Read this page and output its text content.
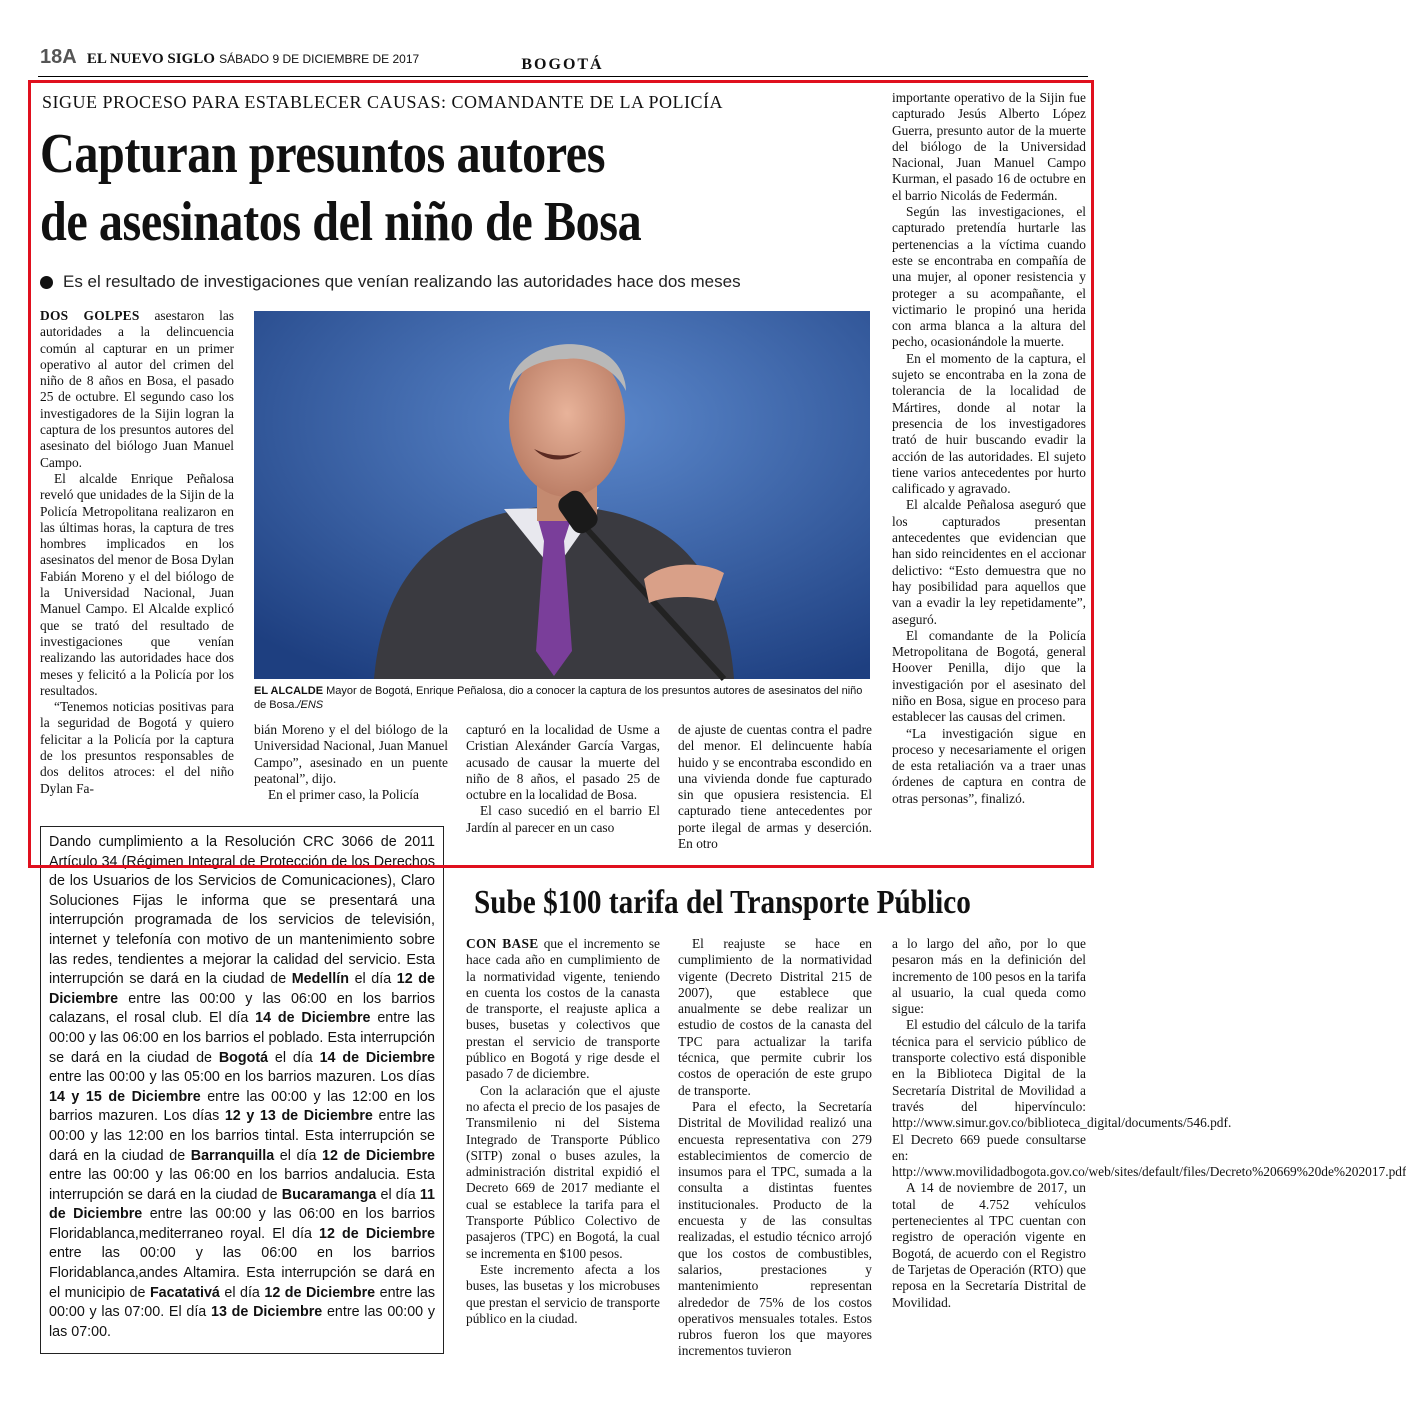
18A EL NUEVO SIGLO SÁBADO 9 DE DICIEMBRE DE 2017	BOGOTÁ
SIGUE PROCESO PARA ESTABLECER CAUSAS: COMANDANTE DE LA POLICÍA
Capturan presuntos autores
de asesinatos del niño de Bosa
Es el resultado de investigaciones que venían realizando las autoridades hace dos meses

DOS GOLPES asestaron las autoridades a la delincuencia común al capturar en un primer operativo al autor del crimen del niño de 8 años en Bosa, el pasado 25 de octubre. El segundo caso los investigadores de la Sijin logran la captura de los presuntos autores del asesinato del biólogo Juan Manuel Campo.

El alcalde Enrique Peñalosa reveló que unidades de la Sijin de la Policía Metropolitana realizaron en las últimas horas, la captura de tres hombres implicados en los asesinatos del menor de Bosa Dylan Fabián Moreno y el del biólogo de la Universidad Nacional, Juan Manuel Campo. El Alcalde explicó que se trató del resultado de investigaciones que venían realizando las autoridades hace dos meses y felicitó a la Policía por los resultados.

“Tenemos noticias positivas para la seguridad de Bogotá y quiero felicitar a la Policía por la captura de los presuntos responsables de dos delitos atroces: el del niño Dylan Fa-

EL ALCALDE Mayor de Bogotá, Enrique Peñalosa, dio a conocer la captura de los presuntos autores de asesinatos del niño de Bosa./ENS

bián Moreno y el del biólogo de la Universidad Nacional, Juan Manuel Campo”, asesinado en un puente peatonal”, dijo.

En el primer caso, la Policía

capturó en la localidad de Usme a Cristian Alexánder García Vargas, acusado de causar la muerte del niño de 8 años, el pasado 25 de octubre en la localidad de Bosa.

El caso sucedió en el barrio El Jardín al parecer en un caso

de ajuste de cuentas contra el padre del menor. El delincuente había huido y se encontraba escondido en una vivienda donde fue capturado sin que opusiera resistencia. El capturado tiene antecedentes por porte ilegal de armas y deserción. En otro

importante operativo de la Sijin fue capturado Jesús Alberto López Guerra, presunto autor de la muerte del biólogo de la Universidad Nacional, Juan Manuel Campo Kurman, el pasado 16 de octubre en el barrio Nicolás de Federmán.

Según las investigaciones, el capturado pretendía hurtarle las pertenencias a la víctima cuando este se encontraba en compañía de una mujer, al oponer resistencia y proteger a su acompañante, el victimario le propinó una herida con arma blanca a la altura del pecho, ocasionándole la muerte.

En el momento de la captura, el sujeto se encontraba en la zona de tolerancia de la localidad de Mártires, donde al notar la presencia de los investigadores trató de huir buscando evadir la acción de las autoridades. El sujeto tiene varios antecedentes por hurto calificado y agravado.

El alcalde Peñalosa aseguró que los capturados presentan antecedentes que evidencian que han sido reincidentes en el accionar delictivo: “Esto demuestra que no hay posibilidad para aquellos que van a evadir la ley repetidamente”, aseguró.

El comandante de la Policía Metropolitana de Bogotá, general Hoover Penilla, dijo que la investigación por el asesinato del niño en Bosa, sigue en proceso para establecer las causas del crimen.

“La investigación sigue en proceso y necesariamente el origen de esta retaliación va a traer unas órdenes de captura en contra de otras personas”, finalizó.

Dando cumplimiento a la Resolución CRC 3066 de 2011 Artículo 34 (Régimen Integral de Protección de los Derechos de los Usuarios de los Servicios de Comunicaciones), Claro Soluciones Fijas le informa que se presentará una interrupción programada de los servicios de televisión, internet y telefonía con motivo de un mantenimiento sobre las redes, tendientes a mejorar la calidad del servicio. Esta interrupción se dará en la ciudad de Medellín el día 12 de Diciembre entre las 00:00 y las 06:00 en los barrios calazans, el rosal club. El día 14 de Diciembre entre las 00:00 y las 06:00 en los barrios el poblado. Esta interrupción se dará en la ciudad de Bogotá el día 14 de Diciembre entre las 00:00 y las 05:00 en los barrios mazuren. Los días 14 y 15 de Diciembre entre las 00:00 y las 12:00 en los barrios mazuren. Los días 12 y 13 de Diciembre entre las 00:00 y las 12:00 en los barrios tintal. Esta interrupción se dará en la ciudad de Barranquilla el día 12 de Diciembre entre las 00:00 y las 06:00 en los barrios andalucia. Esta interrupción se dará en la ciudad de Bucaramanga el día 11 de Diciembre entre las 00:00 y las 06:00 en los barrios Floridablanca,mediterraneo royal. El día 12 de Diciembre entre las 00:00 y las 06:00 en los barrios Floridablanca,andes Altamira. Esta interrupción se dará en el municipio de Facatativá el día 12 de Diciembre entre las 00:00 y las 07:00. El día 13 de Diciembre entre las 00:00 y las 07:00.
Sube $100 tarifa del Transporte Público

CON BASE que el incremento se hace cada año en cumplimiento de la normatividad vigente, teniendo en cuenta los costos de la canasta de transporte, el reajuste aplica a buses, busetas y colectivos que prestan el servicio de transporte público en Bogotá y rige desde el pasado 7 de diciembre.

Con la aclaración que el ajuste no afecta el precio de los pasajes de Transmilenio ni del Sistema Integrado de Transporte Público (SITP) zonal o buses azules, la administración distrital expidió el Decreto 669 de 2017 mediante el cual se establece la tarifa para el Transporte Público Colectivo de pasajeros (TPC) en Bogotá, la cual se incrementa en $100 pesos.

Este incremento afecta a los buses, las busetas y los microbuses que prestan el servicio de transporte público en la ciudad.

El reajuste se hace en cumplimiento de la normatividad vigente (Decreto Distrital 215 de 2007), que establece que anualmente se debe realizar un estudio de costos de la canasta del TPC para actualizar la tarifa técnica, que permite cubrir los costos de operación de este grupo de transporte.

Para el efecto, la Secretaría Distrital de Movilidad realizó una encuesta representativa con 279 establecimientos de comercio de insumos para el TPC, sumada a la consulta a distintas fuentes institucionales. Producto de la encuesta y de las consultas realizadas, el estudio técnico arrojó que los costos de combustibles, salarios, prestaciones y mantenimiento representan alrededor de 75% de los costos operativos mensuales totales. Estos rubros fueron los que mayores incrementos tuvieron

a lo largo del año, por lo que pesaron más en la definición del incremento de 100 pesos en la tarifa al usuario, la cual queda como sigue:

El estudio del cálculo de la tarifa técnica para el servicio público de transporte colectivo está disponible en la Biblioteca Digital de la Secretaría Distrital de Movilidad a través del hipervínculo: http://www.simur.gov.co/biblioteca_digital/documents/546.pdf. El Decreto 669 puede consultarse en: http://www.movilidadbogota.gov.co/web/sites/default/files/Decreto%20669%20de%202017.pdf

A 14 de noviembre de 2017, un total de 4.752 vehículos pertenecientes al TPC cuentan con registro de operación vigente en Bogotá, de acuerdo con el Registro de Tarjetas de Operación (RTO) que reposa en la Secretaría Distrital de Movilidad.
